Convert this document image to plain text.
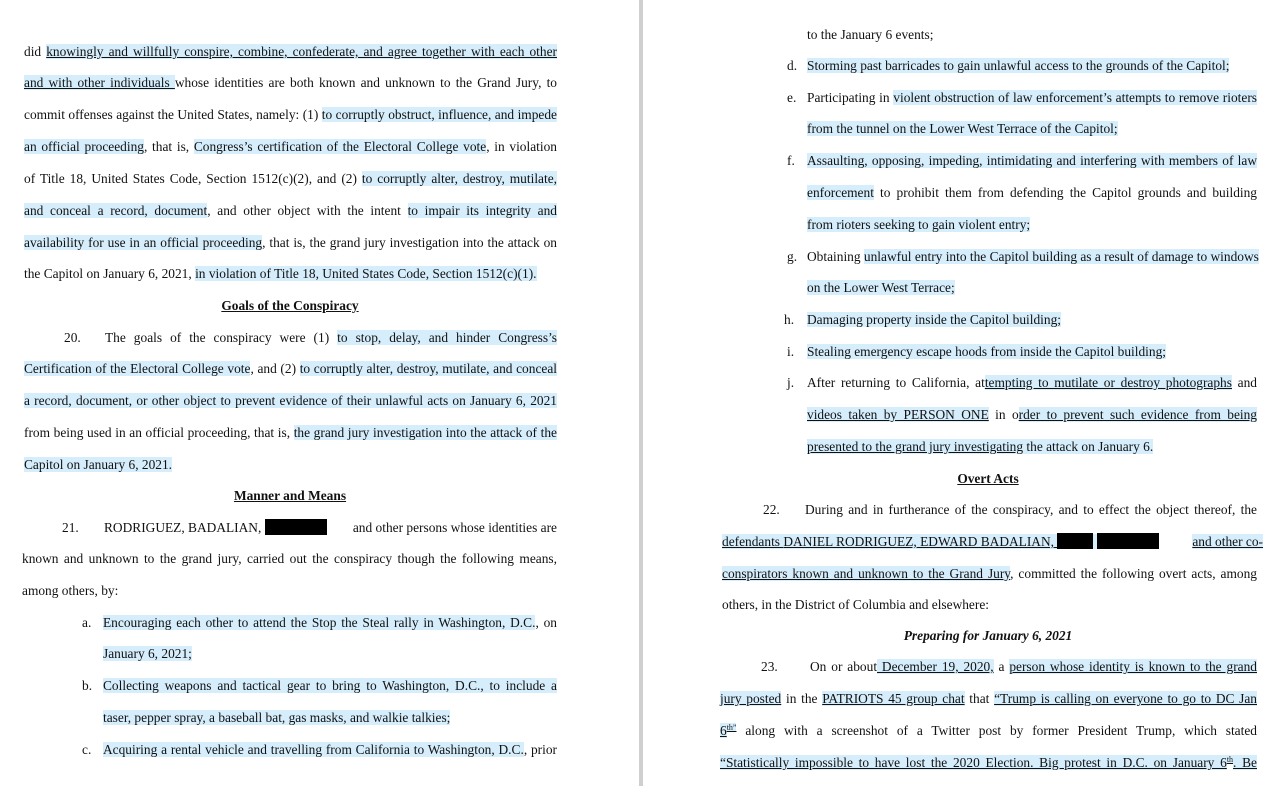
did knowingly and willfully conspire, combine, confederate, and agree together with each other
and with other individuals whose identities are both known and unknown to the Grand Jury, to
commit offenses against the United States, namely: (1) to corruptly obstruct, influence, and impede
an official proceeding, that is, Congress’s certification of the Electoral College vote, in violation
of Title 18, United States Code, Section 1512(c)(2), and (2) to corruptly alter, destroy, mutilate,
and conceal a record, document, and other object with the intent to impair its integrity and
availability for use in an official proceeding, that is, the grand jury investigation into the attack on
the Capitol on January 6, 2021, in violation of Title 18, United States Code, Section 1512(c)(1).
Goals of the Conspiracy
20. The goals of the conspiracy were (1) to stop, delay, and hinder Congress’s
Certification of the Electoral College vote, and (2) to corruptly alter, destroy, mutilate, and conceal
a record, document, or other object to prevent evidence of their unlawful acts on January 6, 2021
from being used in an official proceeding, that is, the grand jury investigation into the attack of the
Capitol on January 6, 2021.
Manner and Means
21. RODRIGUEZ, BADALIAN,	and other persons whose identities are
known and unknown to the grand jury, carried out the conspiracy though the following means,
among others, by:
a. Encouraging each other to attend the Stop the Steal rally in Washington, D.C., on
January 6, 2021;
b. Collecting weapons and tactical gear to bring to Washington, D.C., to include a
taser, pepper spray, a baseball bat, gas masks, and walkie talkies;
c. Acquiring a rental vehicle and travelling from California to Washington, D.C., prior
to the January 6 events;
d. Storming past barricades to gain unlawful access to the grounds of the Capitol;
e. Participating in violent obstruction of law enforcement’s attempts to remove rioters
from the tunnel on the Lower West Terrace of the Capitol;
f. Assaulting, opposing, impeding, intimidating and interfering with members of law
enforcement to prohibit them from defending the Capitol grounds and building
from rioters seeking to gain violent entry;
g. Obtaining unlawful entry into the Capitol building as a result of damage to windows
on the Lower West Terrace;
h. Damaging property inside the Capitol building;
i. Stealing emergency escape hoods from inside the Capitol building;
j. After returning to California, attempting to mutilate or destroy photographs and
videos taken by PERSON ONE in order to prevent such evidence from being
presented to the grand jury investigating the attack on January 6.
Overt Acts
22. During and in furtherance of the conspiracy, and to effect the object thereof, the
defendants DANIEL RODRIGUEZ, EDWARD BADALIAN,	and other co-
conspirators known and unknown to the Grand Jury, committed the following overt acts, among
others, in the District of Columbia and elsewhere:
Preparing for January 6, 2021
23. On or about December 19, 2020, a person whose identity is known to the grand
jury posted in the PATRIOTS 45 group chat that “Trump is calling on everyone to go to DC Jan
$6^{th”}$ along with a screenshot of a Twitter post by former President Trump, which stated
“Statistically impossible to have lost the 2020 Election. Big protest in D.C. on January 6th. Be
